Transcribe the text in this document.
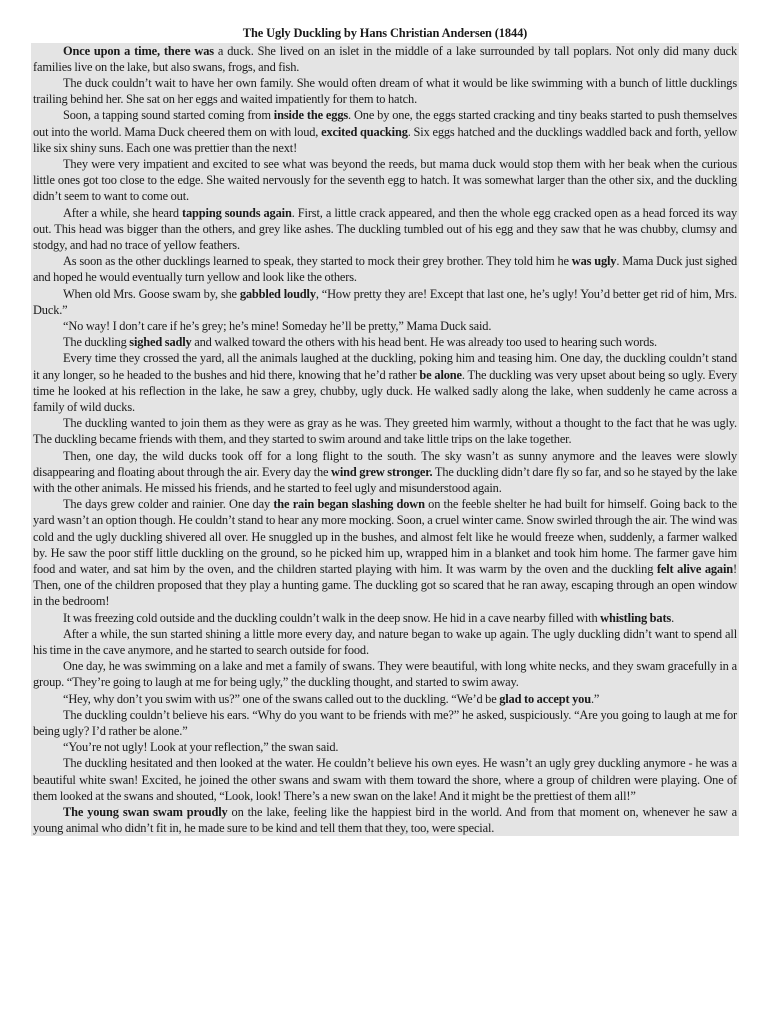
The Ugly Duckling by Hans Christian Andersen (1844)

Once upon a time, there was a duck. She lived on an islet in the middle of a lake surrounded by tall poplars. Not only did many duck families live on the lake, but also swans, frogs, and fish.

The duck couldn’t wait to have her own family. She would often dream of what it would be like swimming with a bunch of little ducklings trailing behind her. She sat on her eggs and waited impatiently for them to hatch.

Soon, a tapping sound started coming from inside the eggs. One by one, the eggs started cracking and tiny beaks started to push themselves out into the world. Mama Duck cheered them on with loud, excited quacking. Six eggs hatched and the ducklings waddled back and forth, yellow like six shiny suns. Each one was prettier than the next!

They were very impatient and excited to see what was beyond the reeds, but mama duck would stop them with her beak when the curious little ones got too close to the edge. She waited nervously for the seventh egg to hatch. It was somewhat larger than the other six, and the duckling didn’t seem to want to come out.

After a while, she heard tapping sounds again. First, a little crack appeared, and then the whole egg cracked open as a head forced its way out. This head was bigger than the others, and grey like ashes. The duckling tumbled out of his egg and they saw that he was chubby, clumsy and stodgy, and had no trace of yellow feathers.

As soon as the other ducklings learned to speak, they started to mock their grey brother. They told him he was ugly. Mama Duck just sighed and hoped he would eventually turn yellow and look like the others.

When old Mrs. Goose swam by, she gabbled loudly, “How pretty they are! Except that last one, he’s ugly! You’d better get rid of him, Mrs. Duck.”

“No way! I don’t care if he’s grey; he’s mine! Someday he’ll be pretty,” Mama Duck said.

The duckling sighed sadly and walked toward the others with his head bent. He was already too used to hearing such words.

Every time they crossed the yard, all the animals laughed at the duckling, poking him and teasing him. One day, the duckling couldn’t stand it any longer, so he headed to the bushes and hid there, knowing that he’d rather be alone. The duckling was very upset about being so ugly. Every time he looked at his reflection in the lake, he saw a grey, chubby, ugly duck. He walked sadly along the lake, when suddenly he came across a family of wild ducks.

The duckling wanted to join them as they were as gray as he was. They greeted him warmly, without a thought to the fact that he was ugly. The duckling became friends with them, and they started to swim around and take little trips on the lake together.

Then, one day, the wild ducks took off for a long flight to the south. The sky wasn’t as sunny anymore and the leaves were slowly disappearing and floating about through the air. Every day the wind grew stronger. The duckling didn’t dare fly so far, and so he stayed by the lake with the other animals. He missed his friends, and he started to feel ugly and misunderstood again.

The days grew colder and rainier. One day the rain began slashing down on the feeble shelter he had built for himself. Going back to the yard wasn’t an option though. He couldn’t stand to hear any more mocking. Soon, a cruel winter came. Snow swirled through the air. The wind was cold and the ugly duckling shivered all over. He snuggled up in the bushes, and almost felt like he would freeze when, suddenly, a farmer walked by. He saw the poor stiff little duckling on the ground, so he picked him up, wrapped him in a blanket and took him home. The farmer gave him food and water, and sat him by the oven, and the children started playing with him. It was warm by the oven and the duckling felt alive again! Then, one of the children proposed that they play a hunting game. The duckling got so scared that he ran away, escaping through an open window in the bedroom!

It was freezing cold outside and the duckling couldn’t walk in the deep snow. He hid in a cave nearby filled with whistling bats.

After a while, the sun started shining a little more every day, and nature began to wake up again. The ugly duckling didn’t want to spend all his time in the cave anymore, and he started to search outside for food.

One day, he was swimming on a lake and met a family of swans. They were beautiful, with long white necks, and they swam gracefully in a group. “They’re going to laugh at me for being ugly,” the duckling thought, and started to swim away.

“Hey, why don’t you swim with us?” one of the swans called out to the duckling. “We’d be glad to accept you.”

The duckling couldn’t believe his ears. “Why do you want to be friends with me?” he asked, suspiciously. “Are you going to laugh at me for being ugly? I’d rather be alone.”

“You’re not ugly! Look at your reflection,” the swan said.

The duckling hesitated and then looked at the water. He couldn’t believe his own eyes. He wasn’t an ugly grey duckling anymore - he was a beautiful white swan! Excited, he joined the other swans and swam with them toward the shore, where a group of children were playing. One of them looked at the swans and shouted, “Look, look! There’s a new swan on the lake! And it might be the prettiest of them all!”

The young swan swam proudly on the lake, feeling like the happiest bird in the world. And from that moment on, whenever he saw a young animal who didn’t fit in, he made sure to be kind and tell them that they, too, were special.
